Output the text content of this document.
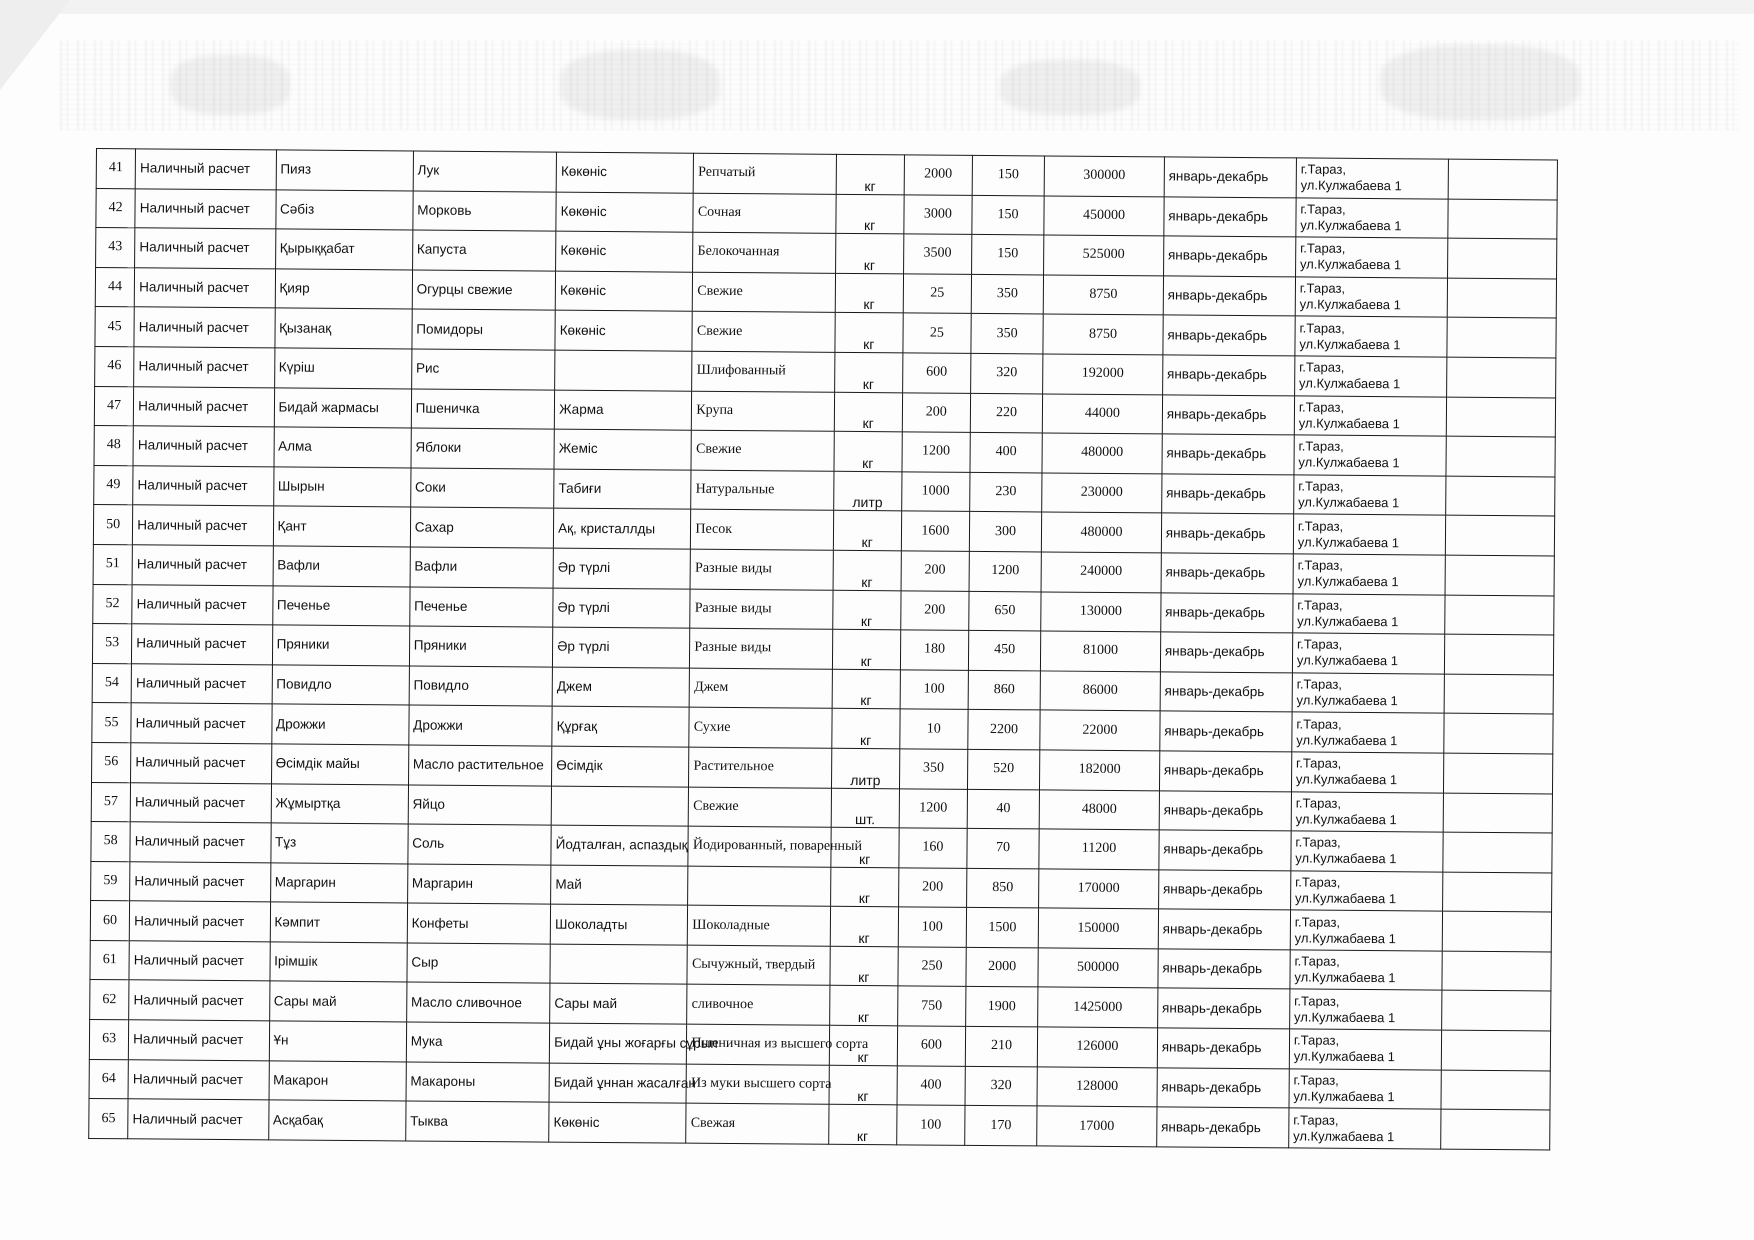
41	Наличный расчет	Пияз	Лук	Көкөніс	Репчатый	кг	2000	150	300000	январь-декабрь	г.Тараз,
ул.Кулжабаева 1	
42	Наличный расчет	Сәбіз	Морковь	Көкөніс	Сочная	кг	3000	150	450000	январь-декабрь	г.Тараз,
ул.Кулжабаева 1	
43	Наличный расчет	Қырыққабат	Капуста	Көкөніс	Белокочанная	кг	3500	150	525000	январь-декабрь	г.Тараз,
ул.Кулжабаева 1	
44	Наличный расчет	Қияр	Огурцы свежие	Көкөніс	Свежие	кг	25	350	8750	январь-декабрь	г.Тараз,
ул.Кулжабаева 1	
45	Наличный расчет	Қызанақ	Помидоры	Көкөніс	Свежие	кг	25	350	8750	январь-декабрь	г.Тараз,
ул.Кулжабаева 1	
46	Наличный расчет	Күріш	Рис		Шлифованный	кг	600	320	192000	январь-декабрь	г.Тараз,
ул.Кулжабаева 1	
47	Наличный расчет	Бидай жармасы	Пшеничка	Жарма	Крупа	кг	200	220	44000	январь-декабрь	г.Тараз,
ул.Кулжабаева 1	
48	Наличный расчет	Алма	Яблоки	Жеміс	Свежие	кг	1200	400	480000	январь-декабрь	г.Тараз,
ул.Кулжабаева 1	
49	Наличный расчет	Шырын	Соки	Табиғи	Натуральные	литр	1000	230	230000	январь-декабрь	г.Тараз,
ул.Кулжабаева 1	
50	Наличный расчет	Қант	Сахар	Ақ, кристаллды	Песок	кг	1600	300	480000	январь-декабрь	г.Тараз,
ул.Кулжабаева 1	
51	Наличный расчет	Вафли	Вафли	Әр түрлі	Разные виды	кг	200	1200	240000	январь-декабрь	г.Тараз,
ул.Кулжабаева 1	
52	Наличный расчет	Печенье	Печенье	Әр түрлі	Разные виды	кг	200	650	130000	январь-декабрь	г.Тараз,
ул.Кулжабаева 1	
53	Наличный расчет	Пряники	Пряники	Әр түрлі	Разные виды	кг	180	450	81000	январь-декабрь	г.Тараз,
ул.Кулжабаева 1	
54	Наличный расчет	Повидло	Повидло	Джем	Джем	кг	100	860	86000	январь-декабрь	г.Тараз,
ул.Кулжабаева 1	
55	Наличный расчет	Дрожжи	Дрожжи	Құрғақ	Сухие	кг	10	2200	22000	январь-декабрь	г.Тараз,
ул.Кулжабаева 1	
56	Наличный расчет	Өсімдік майы	Масло растительное	Өсімдік	Растительное	литр	350	520	182000	январь-декабрь	г.Тараз,
ул.Кулжабаева 1	
57	Наличный расчет	Жұмыртқа	Яйцо		Свежие	шт.	1200	40	48000	январь-декабрь	г.Тараз,
ул.Кулжабаева 1	
58	Наличный расчет	Тұз	Соль	Йодталған, аспаздық	Йодированный, поваренный	кг	160	70	11200	январь-декабрь	г.Тараз,
ул.Кулжабаева 1	
59	Наличный расчет	Маргарин	Маргарин	Май		кг	200	850	170000	январь-декабрь	г.Тараз,
ул.Кулжабаева 1	
60	Наличный расчет	Кәмпит	Конфеты	Шоколадты	Шоколадные	кг	100	1500	150000	январь-декабрь	г.Тараз,
ул.Кулжабаева 1	
61	Наличный расчет	Ірімшік	Сыр		Сычужный, твердый	кг	250	2000	500000	январь-декабрь	г.Тараз,
ул.Кулжабаева 1	
62	Наличный расчет	Сары май	Масло сливочное	Сары май	сливочное	кг	750	1900	1425000	январь-декабрь	г.Тараз,
ул.Кулжабаева 1	
63	Наличный расчет	Ұн	Мука	Бидай ұны жоғарғы сұрып	Пшеничная из высшего сорта	кг	600	210	126000	январь-декабрь	г.Тараз,
ул.Кулжабаева 1	
64	Наличный расчет	Макарон	Макароны	Бидай ұннан жасалған	Из муки высшего сорта	кг	400	320	128000	январь-декабрь	г.Тараз,
ул.Кулжабаева 1	
65	Наличный расчет	Асқабақ	Тыква	Көкөніс	Свежая	кг	100	170	17000	январь-декабрь	г.Тараз,
ул.Кулжабаева 1	
